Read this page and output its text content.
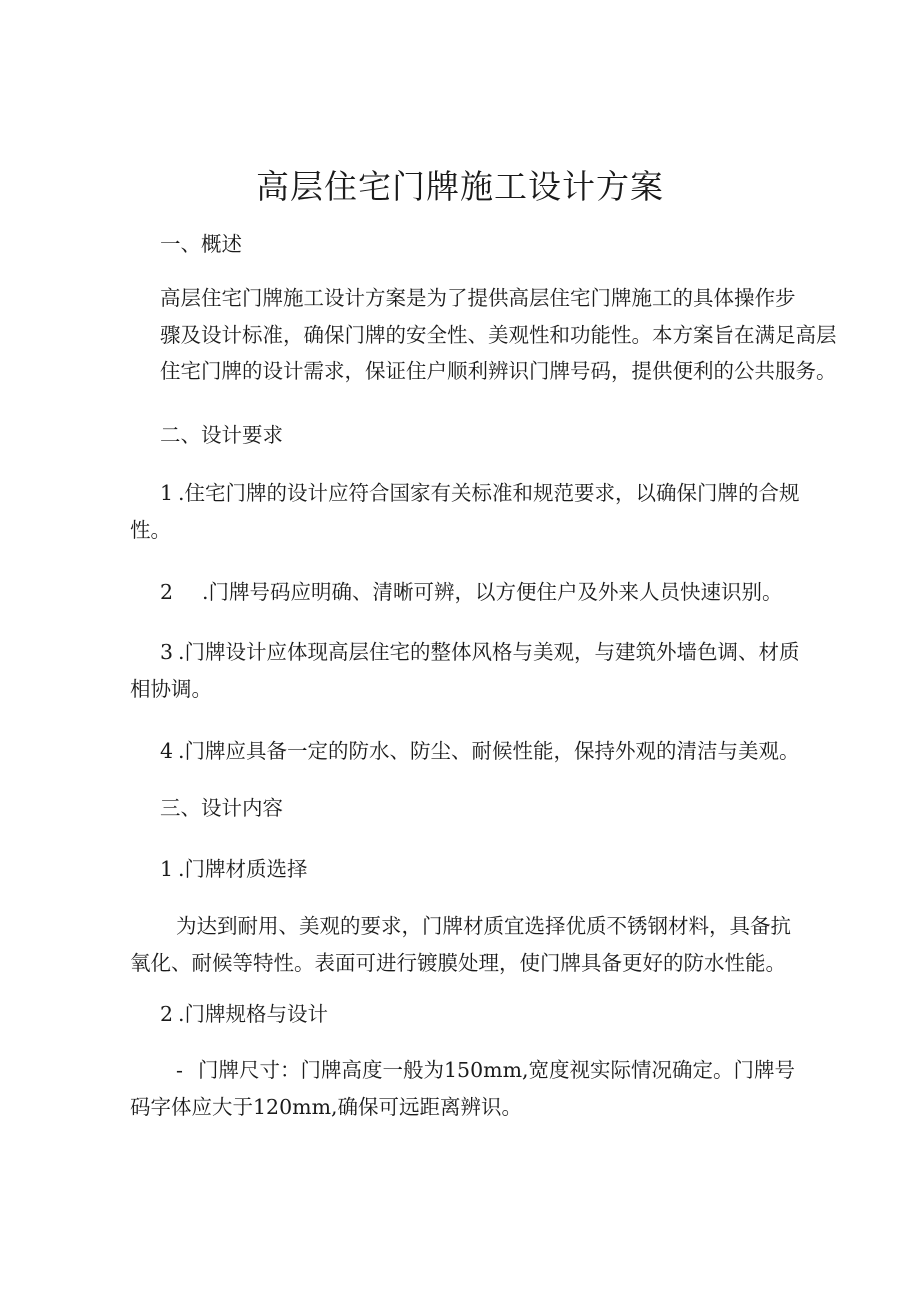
高层住宅门牌施工设计方案
一、概述
高层住宅门牌施工设计方案是为了提供高层住宅门牌施工的具体操作步
骤及设计标准，确保门牌的安全性、美观性和功能性。本方案旨在满足高层
住宅门牌的设计需求，保证住户顺利辨识门牌号码，提供便利的公共服务。
二、设计要求
1 .住宅门牌的设计应符合国家有关标准和规范要求，以确保门牌的合规
性。
2 .门牌号码应明确、清晰可辨，以方便住户及外来人员快速识别。
3 .门牌设计应体现高层住宅的整体风格与美观，与建筑外墙色调、材质
相协调。
4 .门牌应具备一定的防水、防尘、耐候性能，保持外观的清洁与美观。
三、设计内容
1 .门牌材质选择
为达到耐用、美观的要求，门牌材质宜选择优质不锈钢材料，具备抗
氧化、耐候等特性。表面可进行镀膜处理，使门牌具备更好的防水性能。
2 .门牌规格与设计
- 门牌尺寸：门牌高度一般为150mm,宽度视实际情况确定。门牌号
码字体应大于120mm,确保可远距离辨识。
